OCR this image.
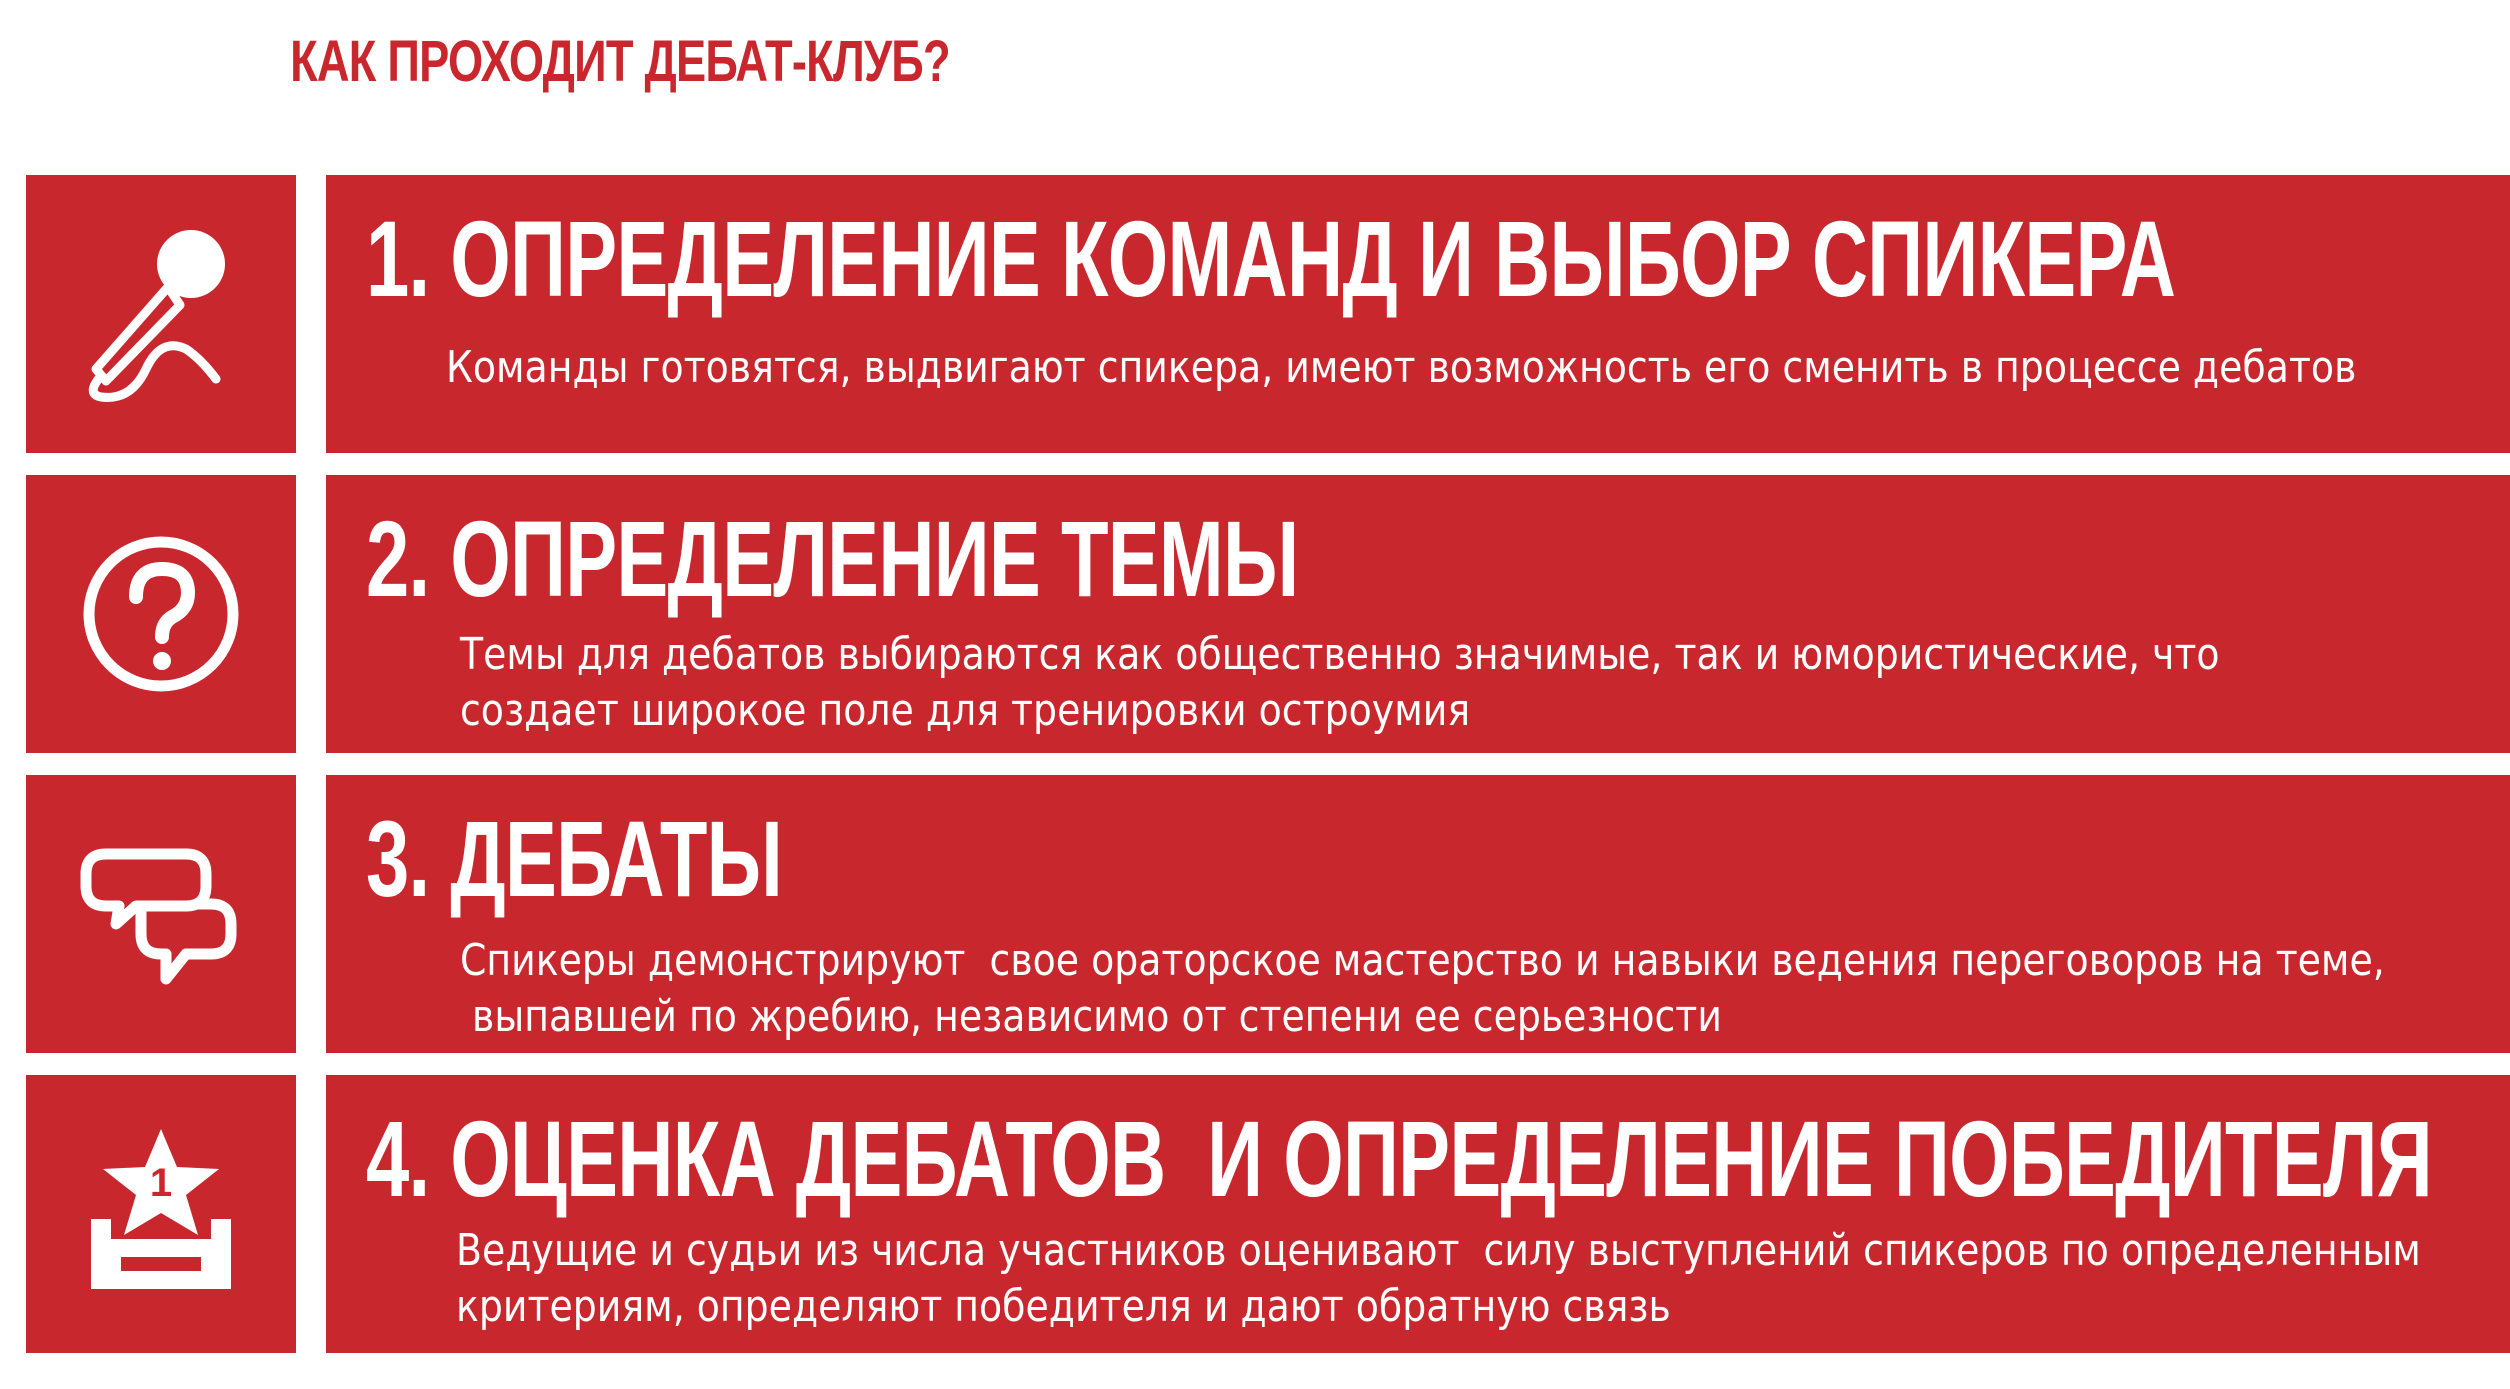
КАК ПРОХОДИТ ДЕБАТ-КЛУБ?
1. ОПРЕДЕЛЕНИЕ КОМАНД И ВЫБОР СПИКЕРА
Команды готовятся, выдвигают спикера, имеют возможность его сменить в процессе дебатов
2. ОПРЕДЕЛЕНИЕ ТЕМЫ
Темы для дебатов выбираются как общественно значимые, так и юмористические, что
создает широкое поле для тренировки остроумия
3. ДЕБАТЫ
Спикеры демонстрируют  свое ораторское мастерство и навыки ведения переговоров на теме,
выпавшей по жребию, независимо от степени ее серьезности
1 4. ОЦЕНКА ДЕБАТОВ  И ОПРЕДЕЛЕНИЕ ПОБЕДИТЕЛЯ
Ведущие и судьи из числа участников оценивают  силу выступлений спикеров по определенным
критериям, определяют победителя и дают обратную связь
